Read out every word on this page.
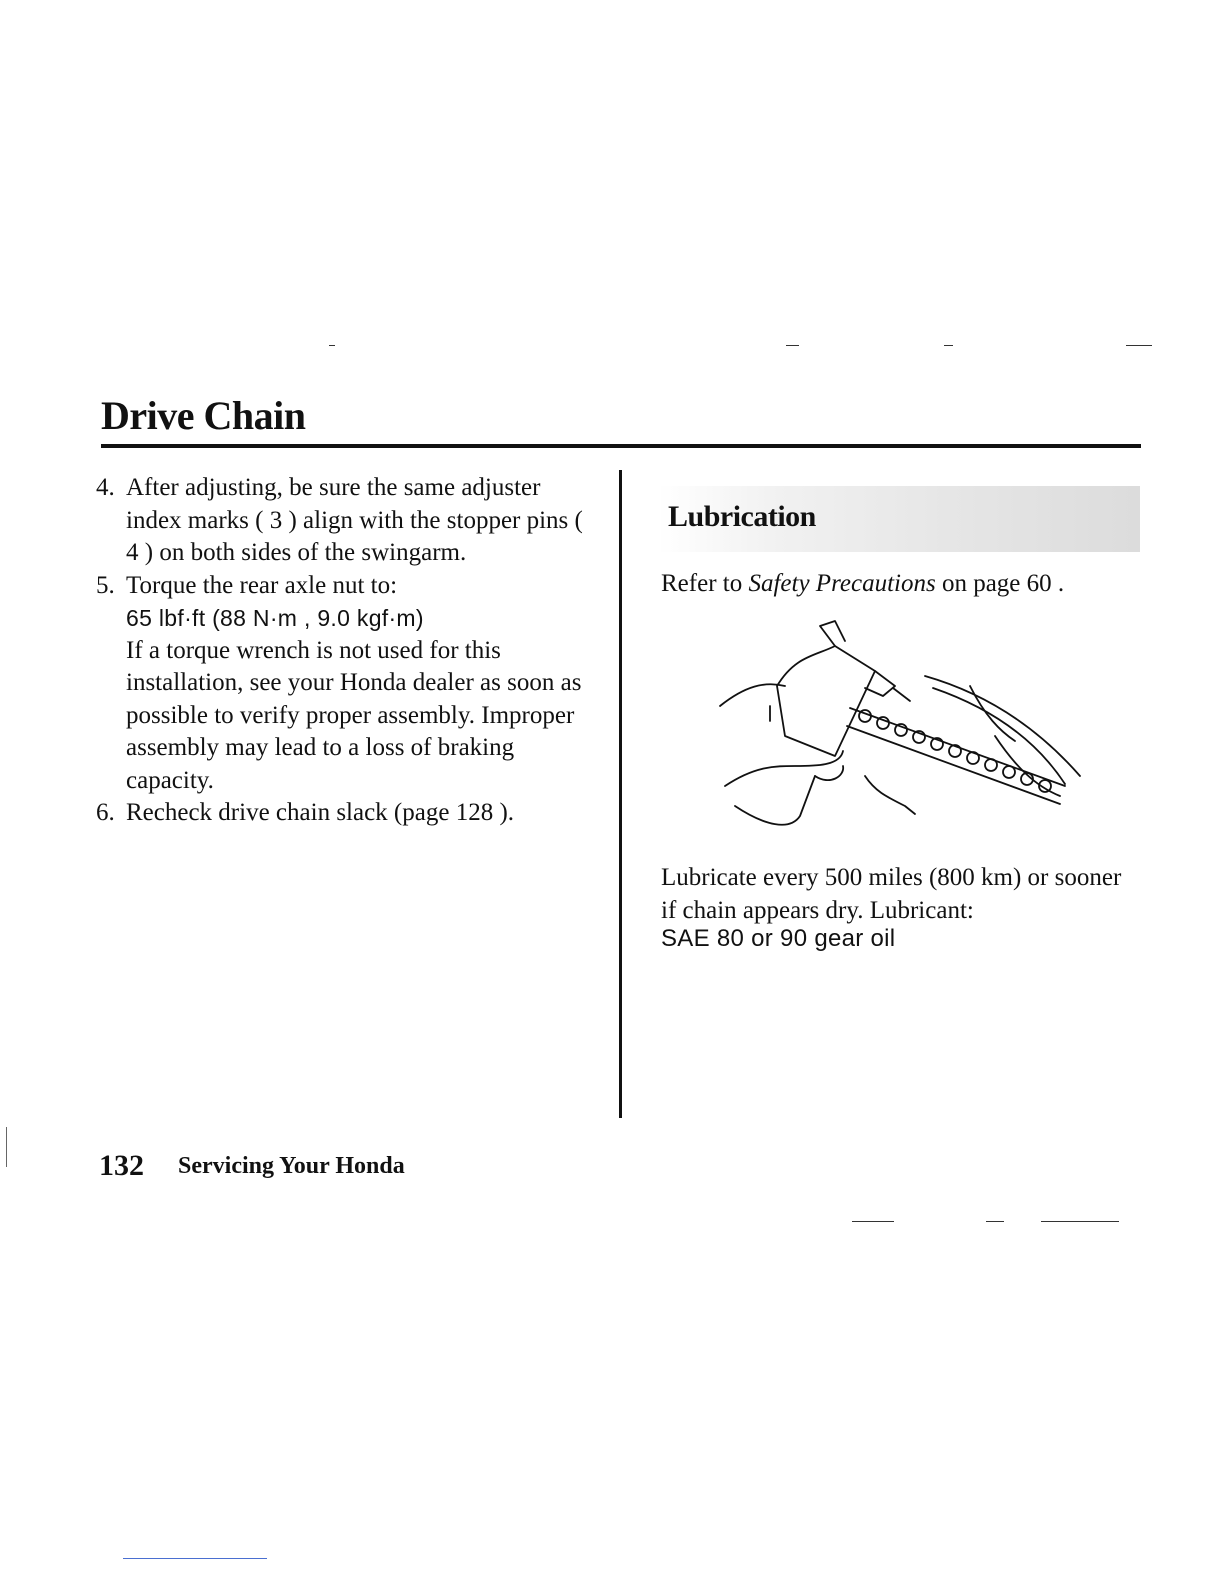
Drive Chain
4. After adjusting, be sure the same adjuster index marks ( 3 ) align with the stopper pins ( 4 ) on both sides of the swingarm.
5. Torque the rear axle nut to:
65 lbf·ft (88 N·m , 9.0 kgf·m)
If a torque wrench is not used for this installation, see your Honda dealer as soon as possible to verify proper assembly. Improper assembly may lead to a loss of braking capacity.
6. Recheck drive chain slack (page 128 ).
Lubrication
Refer to Safety Precautions on page 60 .
Lubricate every 500 miles (800 km) or sooner if chain appears dry. Lubricant:
SAE 80 or 90 gear oil
132 Servicing Your Honda
